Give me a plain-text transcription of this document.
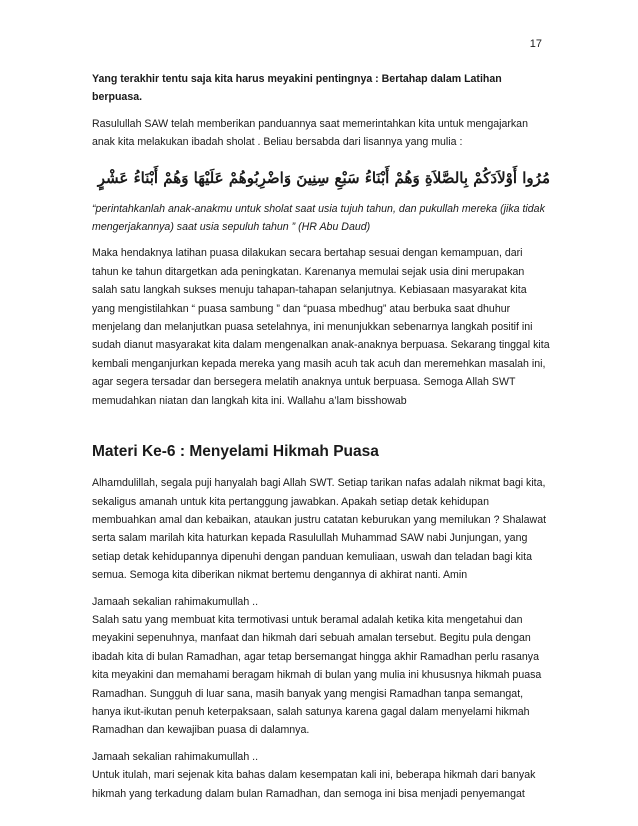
17

Yang terakhir tentu saja kita harus meyakini pentingnya : Bertahap dalam Latihan berpuasa.

Rasulullah SAW telah memberikan panduannya saat memerintahkan kita untuk mengajarkan anak kita melakukan ibadah sholat . Beliau bersabda dari lisannya yang mulia :

مُرُوا أَوْلاَدَكُمْ بِالصَّلاَةِ وَهُمْ أَبْنَاءُ سَبْعِ سِنِينَ وَاضْرِبُوهُمْ عَلَيْهَا وَهُمْ أَبْنَاءُ عَشْرٍ

“perintahkanlah anak-anakmu untuk sholat saat usia tujuh tahun, dan pukullah mereka (jika tidak mengerjakannya) saat usia sepuluh tahun ” (HR Abu Daud)

Maka hendaknya latihan puasa dilakukan secara bertahap sesuai dengan kemampuan, dari tahun ke tahun ditargetkan ada peningkatan. Karenanya memulai sejak usia dini merupakan salah satu langkah sukses menuju tahapan-tahapan selanjutnya. Kebiasaan masyarakat kita yang mengistilahkan “ puasa sambung ” dan “puasa mbedhug” atau berbuka saat dhuhur menjelang dan melanjutkan puasa setelahnya, ini menunjukkan sebenarnya langkah positif ini sudah dianut masyarakat kita dalam mengenalkan anak-anaknya berpuasa. Sekarang tinggal kita kembali menganjurkan kepada mereka yang masih acuh tak acuh dan meremehkan masalah ini, agar segera tersadar dan bersegera melatih anaknya untuk berpuasa. Semoga Allah SWT memudahkan niatan dan langkah kita ini. Wallahu a’lam bisshowab

Materi Ke-6 : Menyelami Hikmah Puasa

Alhamdulillah, segala puji hanyalah bagi Allah SWT. Setiap tarikan nafas adalah nikmat bagi kita, sekaligus amanah untuk kita pertanggung jawabkan. Apakah setiap detak kehidupan membuahkan amal dan kebaikan, ataukan justru catatan keburukan yang memilukan ? Shalawat serta salam marilah kita haturkan kepada Rasulullah Muhammad SAW nabi Junjungan, yang setiap detak kehidupannya dipenuhi dengan panduan kemuliaan, uswah dan teladan bagi kita semua. Semoga kita diberikan nikmat bertemu dengannya di akhirat nanti. Amin

Jamaah sekalian rahimakumullah ..

Salah satu yang membuat kita termotivasi untuk beramal adalah ketika kita mengetahui dan meyakini sepenuhnya, manfaat dan hikmah dari sebuah amalan tersebut. Begitu pula dengan ibadah kita di bulan Ramadhan, agar tetap bersemangat hingga akhir Ramadhan perlu rasanya kita meyakini dan memahami beragam hikmah di bulan yang mulia ini khususnya hikmah puasa Ramadhan. Sungguh di luar sana, masih banyak yang mengisi Ramadhan tanpa semangat, hanya ikut-ikutan penuh keterpaksaan, salah satunya karena gagal dalam menyelami hikmah Ramadhan dan kewajiban puasa di dalamnya.

Jamaah sekalian rahimakumullah ..

Untuk itulah, mari sejenak kita bahas dalam kesempatan kali ini, beberapa hikmah dari banyak hikmah yang terkadung dalam bulan Ramadhan, dan semoga ini bisa menjadi penyemangat
